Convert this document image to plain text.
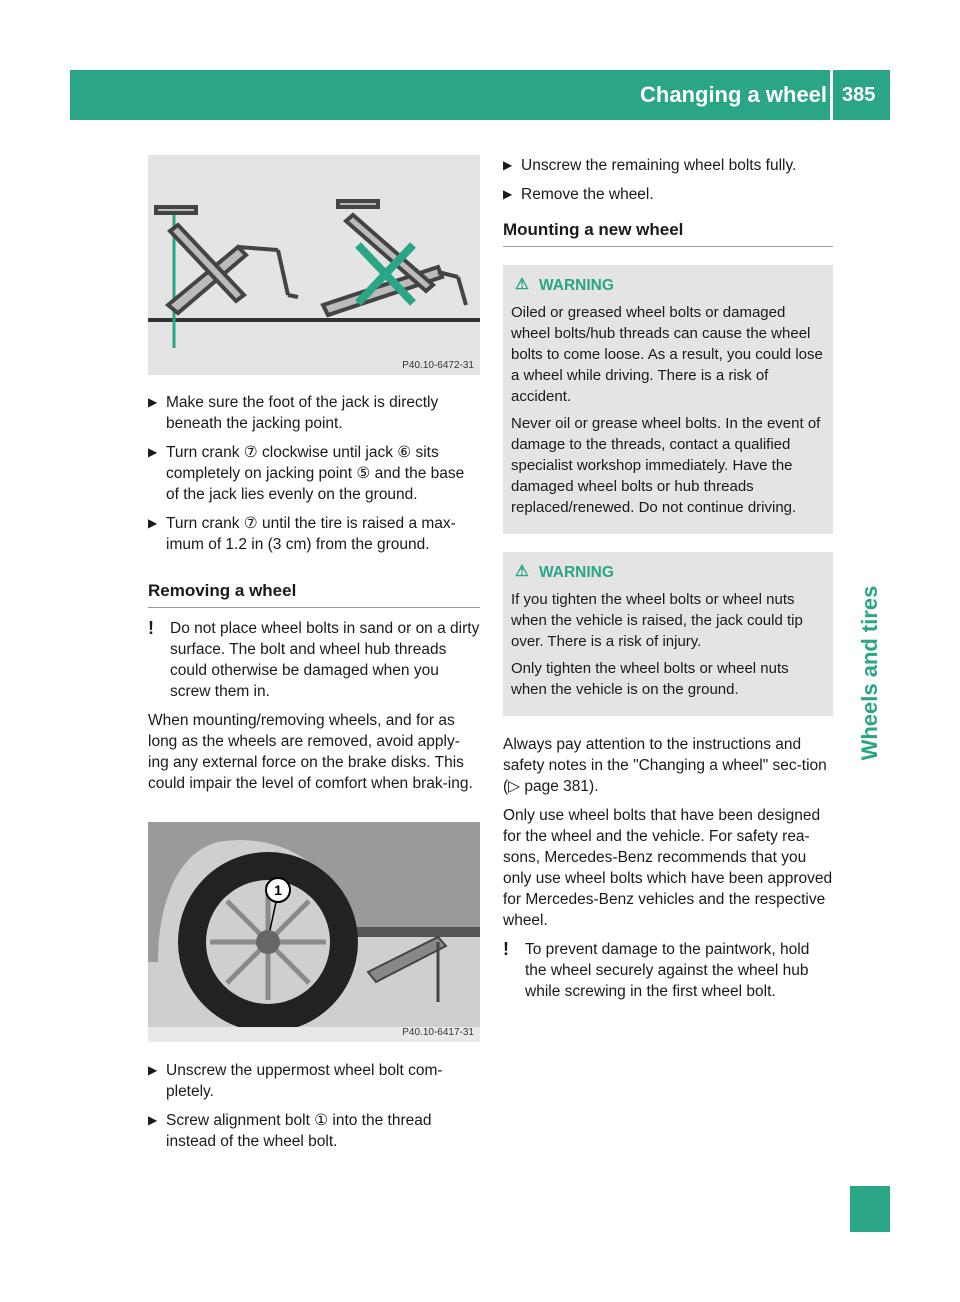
Changing a wheel 385
Wheels and tires
P40.10-6472-31
▶ Make sure the foot of the jack is directly beneath the jacking point.
▶ Turn crank ⑦ clockwise until jack ⑥ sits completely on jacking point ⑤ and the base of the jack lies evenly on the ground.
▶ Turn crank ⑦ until the tire is raised a max-imum of 1.2 in (3 cm) from the ground.
Removing a wheel
! Do not place wheel bolts in sand or on a dirty surface. The bolt and wheel hub threads could otherwise be damaged when you screw them in.

When mounting/removing wheels, and for as long as the wheels are removed, avoid apply-ing any external force on the brake disks. This could impair the level of comfort when brak-ing.

1
P40.10-6417-31
▶ Unscrew the uppermost wheel bolt com-pletely.
▶ Screw alignment bolt ① into the thread instead of the wheel bolt.
▶ Unscrew the remaining wheel bolts fully.
▶ Remove the wheel.
Mounting a new wheel
⚠ WARNING

Oiled or greased wheel bolts or damaged wheel bolts/hub threads can cause the wheel bolts to come loose. As a result, you could lose a wheel while driving. There is a risk of accident.

Never oil or grease wheel bolts. In the event of damage to the threads, contact a qualified specialist workshop immediately. Have the damaged wheel bolts or hub threads replaced/renewed. Do not continue driving.

⚠ WARNING

If you tighten the wheel bolts or wheel nuts when the vehicle is raised, the jack could tip over. There is a risk of injury.

Only tighten the wheel bolts or wheel nuts when the vehicle is on the ground.

Always pay attention to the instructions and safety notes in the "Changing a wheel" sec-tion (▷ page 381).

Only use wheel bolts that have been designed for the wheel and the vehicle. For safety rea-sons, Mercedes-Benz recommends that you only use wheel bolts which have been approved for Mercedes-Benz vehicles and the respective wheel.

! To prevent damage to the paintwork, hold the wheel securely against the wheel hub while screwing in the first wheel bolt.
